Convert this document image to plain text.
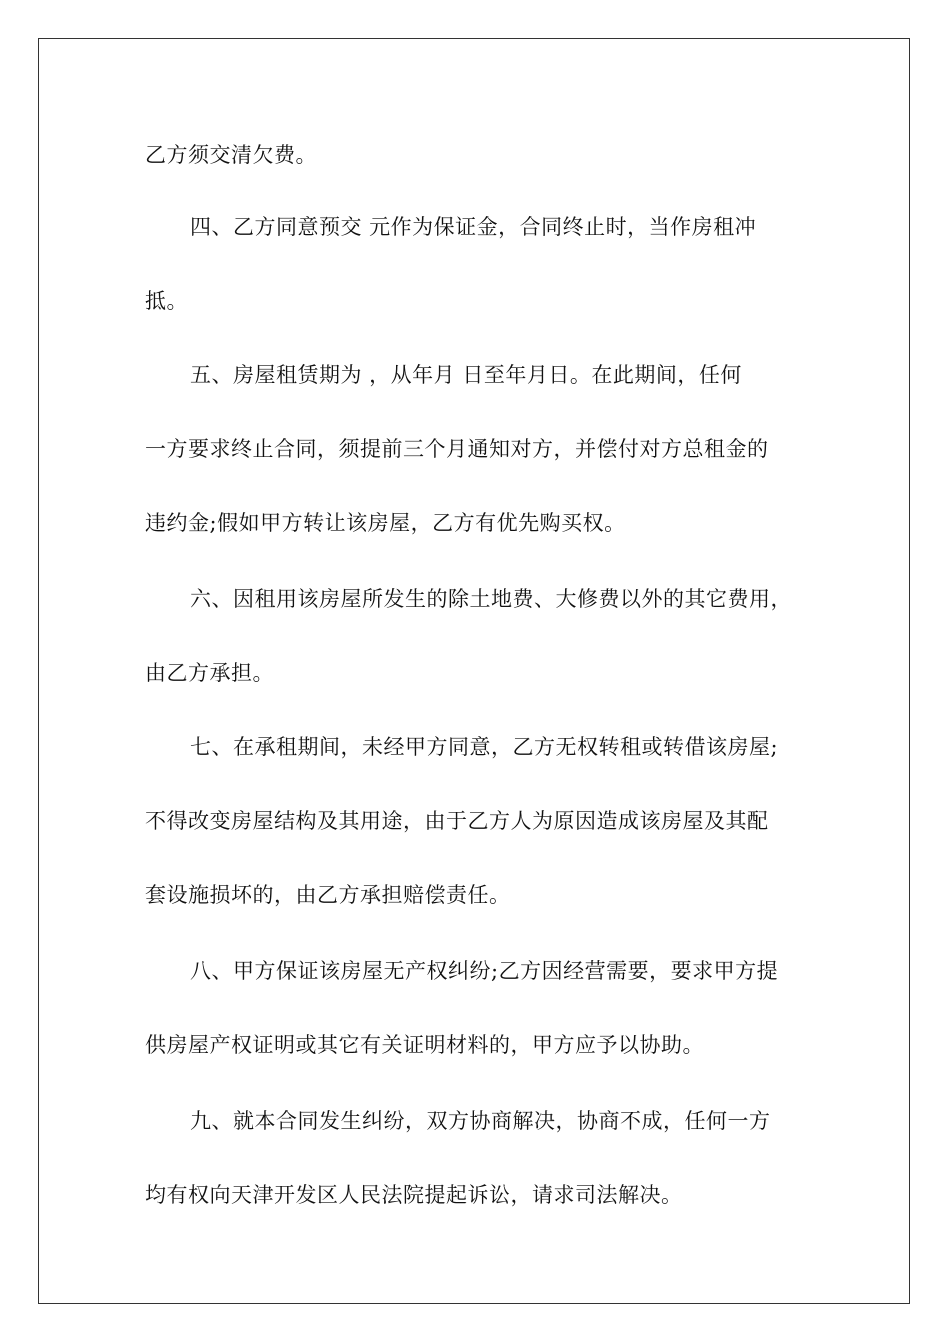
乙方须交清欠费。
四、乙方同意预交 元作为保证金，合同终止时，当作房租冲
抵。
五、房屋租赁期为 ，从年月 日至年月日。在此期间，任何
一方要求终止合同，须提前三个月通知对方，并偿付对方总租金的
违约金;假如甲方转让该房屋，乙方有优先购买权。
六、因租用该房屋所发生的除土地费、大修费以外的其它费用，
由乙方承担。
七、在承租期间，未经甲方同意，乙方无权转租或转借该房屋;
不得改变房屋结构及其用途，由于乙方人为原因造成该房屋及其配
套设施损坏的，由乙方承担赔偿责任。
八、甲方保证该房屋无产权纠纷;乙方因经营需要，要求甲方提
供房屋产权证明或其它有关证明材料的，甲方应予以协助。
九、就本合同发生纠纷，双方协商解决，协商不成，任何一方
均有权向天津开发区人民法院提起诉讼，请求司法解决。
